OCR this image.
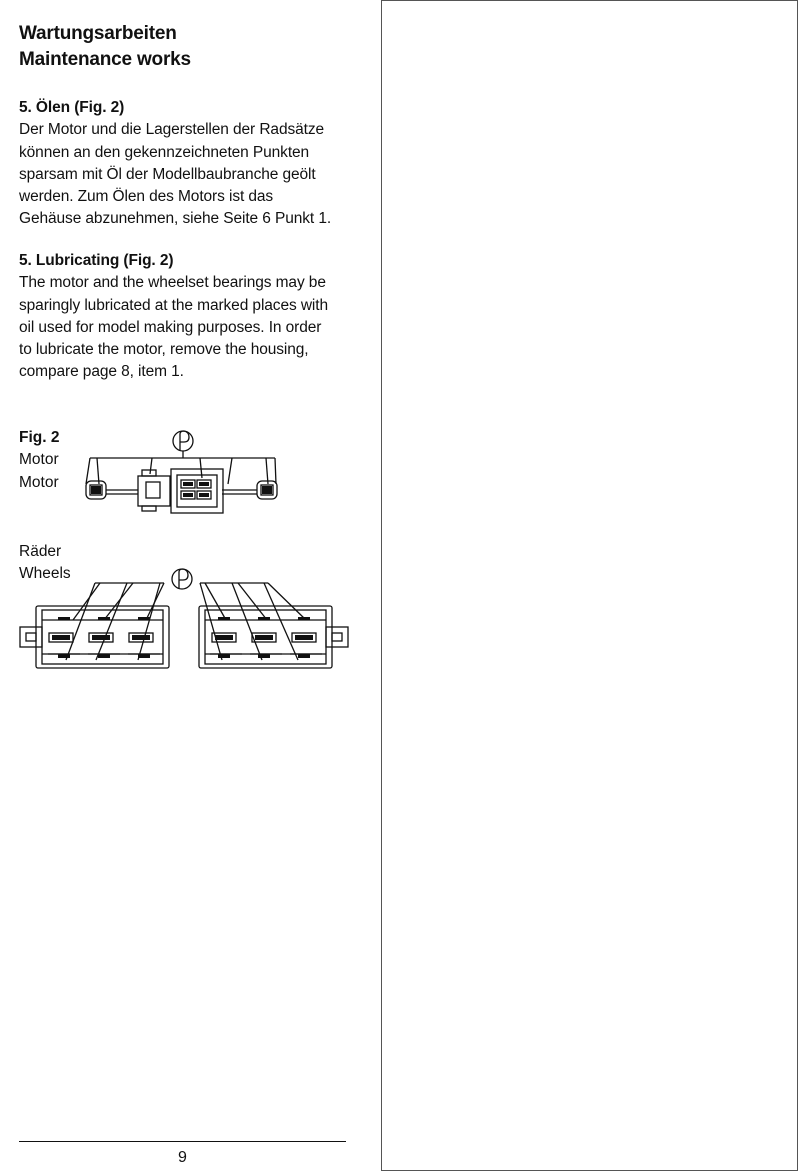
Wartungsarbeiten
Maintenance works
5. Ölen (Fig. 2)
Der Motor und die Lagerstellen der Radsätze
können an den gekennzeichneten Punkten
sparsam mit Öl der Modellbaubranche geölt
werden. Zum Ölen des Motors ist das
Gehäuse abzunehmen, siehe Seite 6 Punkt 1.
5. Lubricating (Fig. 2)
The motor and the wheelset bearings may be
sparingly lubricated at the marked places with
oil used for model making purposes. In order
to lubricate the motor, remove the housing,
compare page 8, item 1.
Fig. 2
Motor
Motor
Räder
Wheels
9
